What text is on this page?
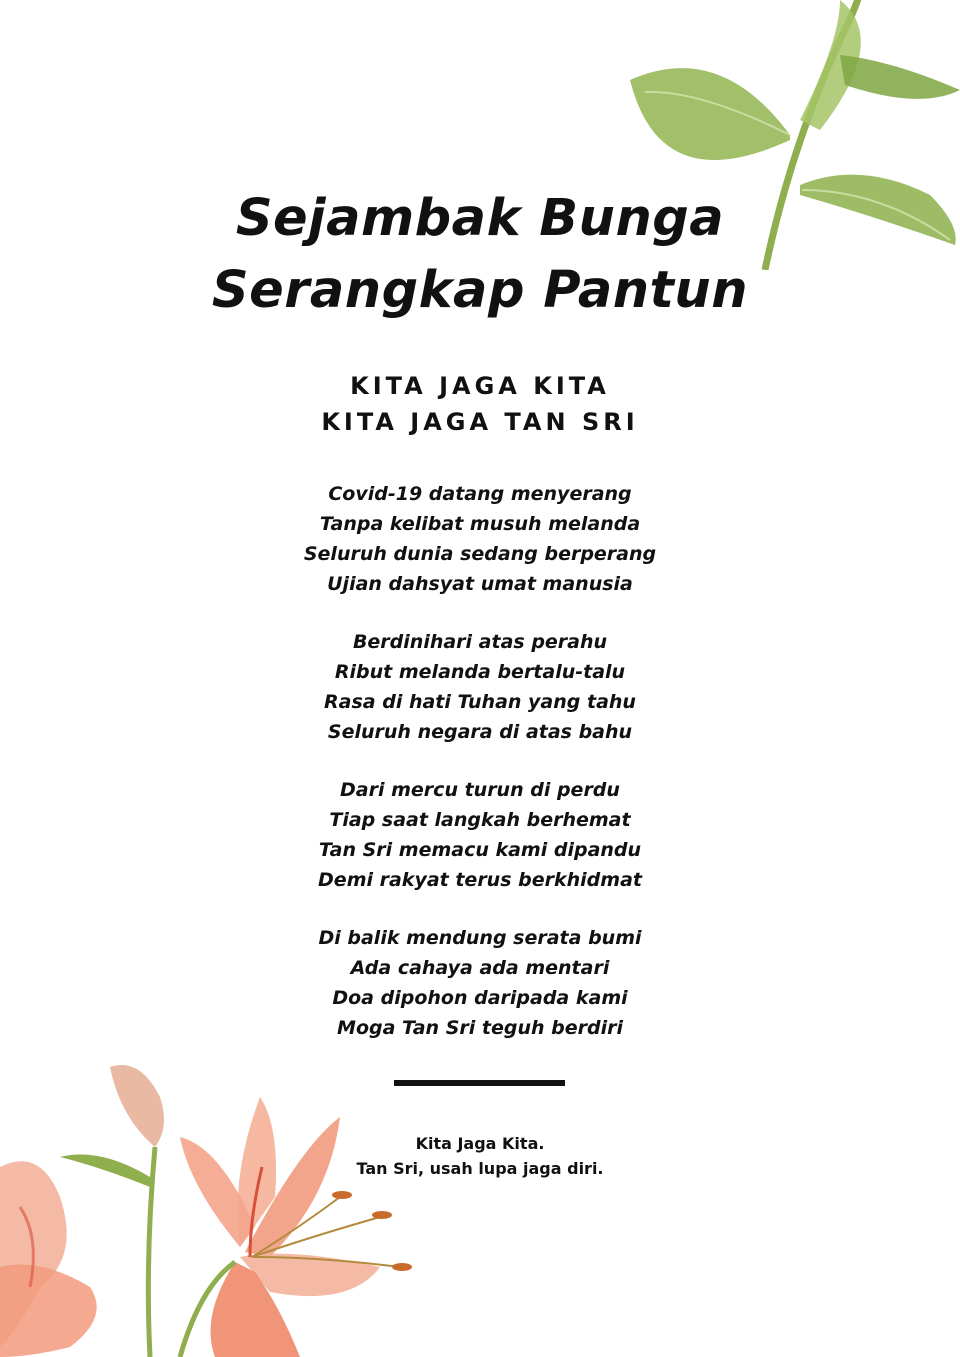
Sejambak Bunga
Serangkap Pantun
KITA JAGA KITA
KITA JAGA TAN SRI
Covid-19 datang menyerang
Tanpa kelibat musuh melanda
Seluruh dunia sedang berperang
Ujian dahsyat umat manusia
Berdinihari atas perahu
Ribut melanda bertalu-talu
Rasa di hati Tuhan yang tahu
Seluruh negara di atas bahu
Dari mercu turun di perdu
Tiap saat langkah berhemat
Tan Sri memacu kami dipandu
Demi rakyat terus berkhidmat
Di balik mendung serata bumi
Ada cahaya ada mentari
Doa dipohon daripada kami
Moga Tan Sri teguh berdiri
Kita Jaga Kita.
Tan Sri, usah lupa jaga diri.
